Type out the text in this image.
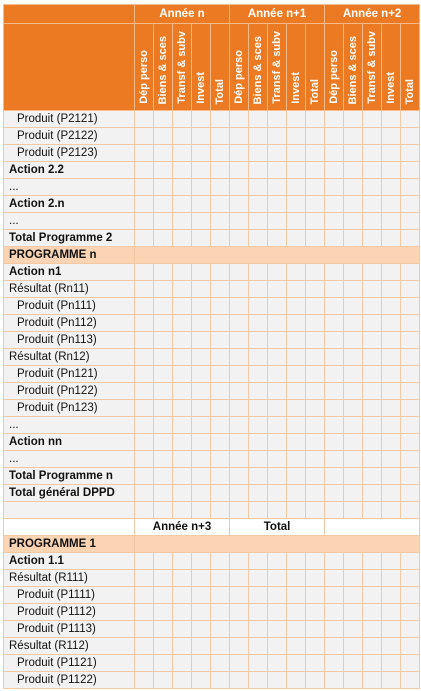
	Année n					Année n+1					Année n+2				
	Dép perso	Biens & sces	Transf & subv	Invest	Total	Dép perso	Biens & sces	Transf & subv	Invest	Total	Dép perso	Biens & sces	Transf & subv	Invest	Total
Produit (P2121)															
Produit (P2122)															
Produit (P2123)															
Action 2.2															
...															
Action 2.n															
...															
Total Programme 2															
PROGRAMME n															
Action n1															
Résultat (Rn11)															
Produit (Pn111)															
Produit (Pn112)															
Produit (Pn113)															
Résultat (Rn12)															
Produit (Pn121)															
Produit (Pn122)															
Produit (Pn123)															
...															
Action nn															
...															
Total Programme n															
Total général DPPD															

	Année n+3					Total									
PROGRAMME 1															
Action 1.1															
Résultat (R111)															
Produit (P1111)															
Produit (P1112)															
Produit (P1113)															
Résultat (R112)															
Produit (P1121)															
Produit (P1122)															
